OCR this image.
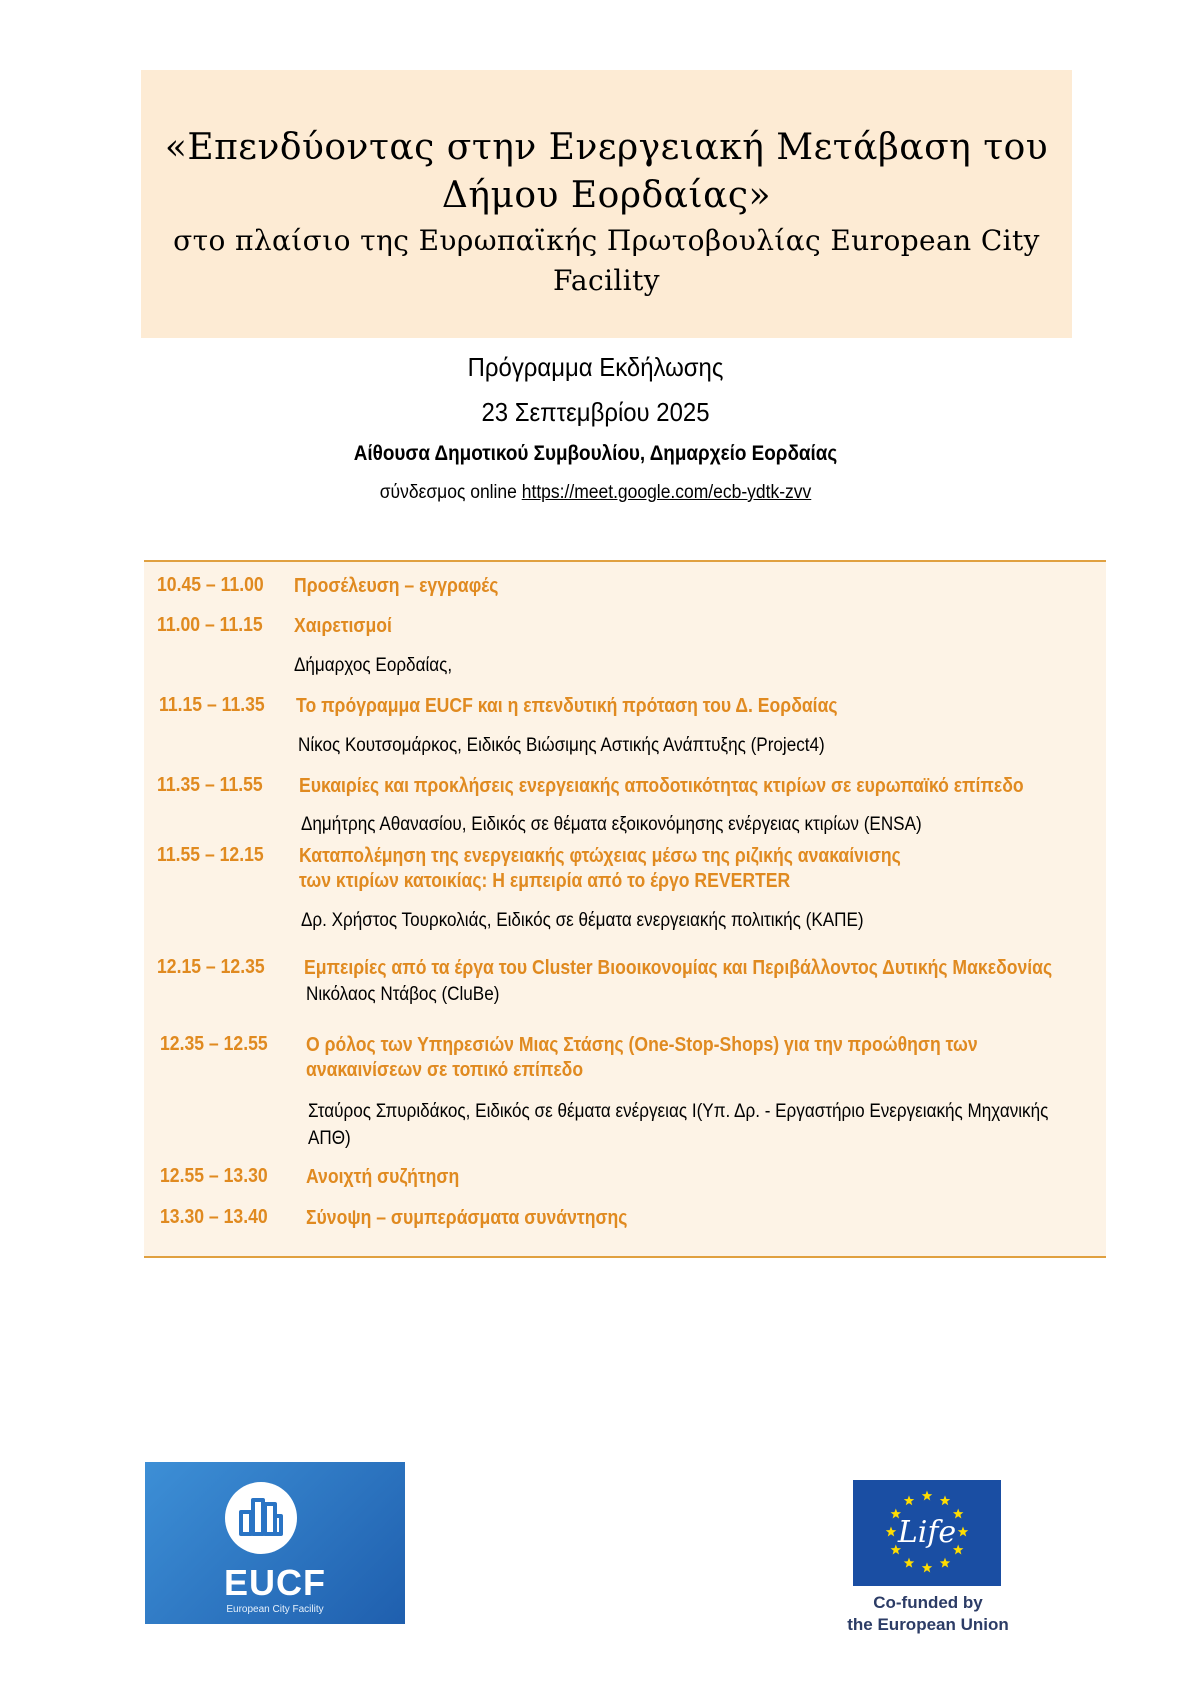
«Επενδύοντας στην Ενεργειακή Μετάβαση του
Δήμου Εορδαίας»
στο πλαίσιο της Ευρωπαϊκής Πρωτοβουλίας European City
Facility
Πρόγραμμα Εκδήλωσης
23 Σεπτεμβρίου 2025
Αίθουσα Δημοτικού Συμβουλίου, Δημαρχείο Εορδαίας
σύνδεσμος online https://meet.google.com/ecb-ydtk-zvv
10.45 – 11.00 Προσέλευση – εγγραφές
11.00 – 11.15 Χαιρετισμοί
Δήμαρχος Εορδαίας,
11.15 – 11.35 Το πρόγραμμα EUCF και η επενδυτική πρόταση του Δ. Εορδαίας
Νίκος Κουτσομάρκος, Ειδικός Βιώσιμης Αστικής Ανάπτυξης (Project4)
11.35 – 11.55 Ευκαιρίες και προκλήσεις ενεργειακής αποδοτικότητας κτιρίων σε ευρωπαϊκό επίπεδο
Δημήτρης Αθανασίου, Ειδικός σε θέματα εξοικονόμησης ενέργειας κτιρίων (ENSA)
11.55 – 12.15 Καταπολέμηση της ενεργειακής φτώχειας μέσω της ριζικής ανακαίνισης
των κτιρίων κατοικίας: Η εμπειρία από το έργο REVERTER
Δρ. Χρήστος Τουρκολιάς, Ειδικός σε θέματα ενεργειακής πολιτικής (ΚΑΠΕ)
12.15 – 12.35 Εμπειρίες από τα έργα του Cluster Βιοοικονομίας και Περιβάλλοντος Δυτικής Μακεδονίας
Νικόλαος Ντάβος (CluBe)
12.35 – 12.55 Ο ρόλος των Υπηρεσιών Μιας Στάσης (One-Stop-Shops) για την προώθηση των
ανακαινίσεων σε τοπικό επίπεδο
Σταύρος Σπυριδάκος, Ειδικός σε θέματα ενέργειας Ι(Υπ. Δρ. - Εργαστήριο Ενεργειακής Μηχανικής
ΑΠΘ)
12.55 – 13.30 Ανοιχτή συζήτηση
13.30 – 13.40 Σύνοψη – συμπεράσματα συνάντησης
EUCF
European City Facility
Life
Co-funded by
the European Union
